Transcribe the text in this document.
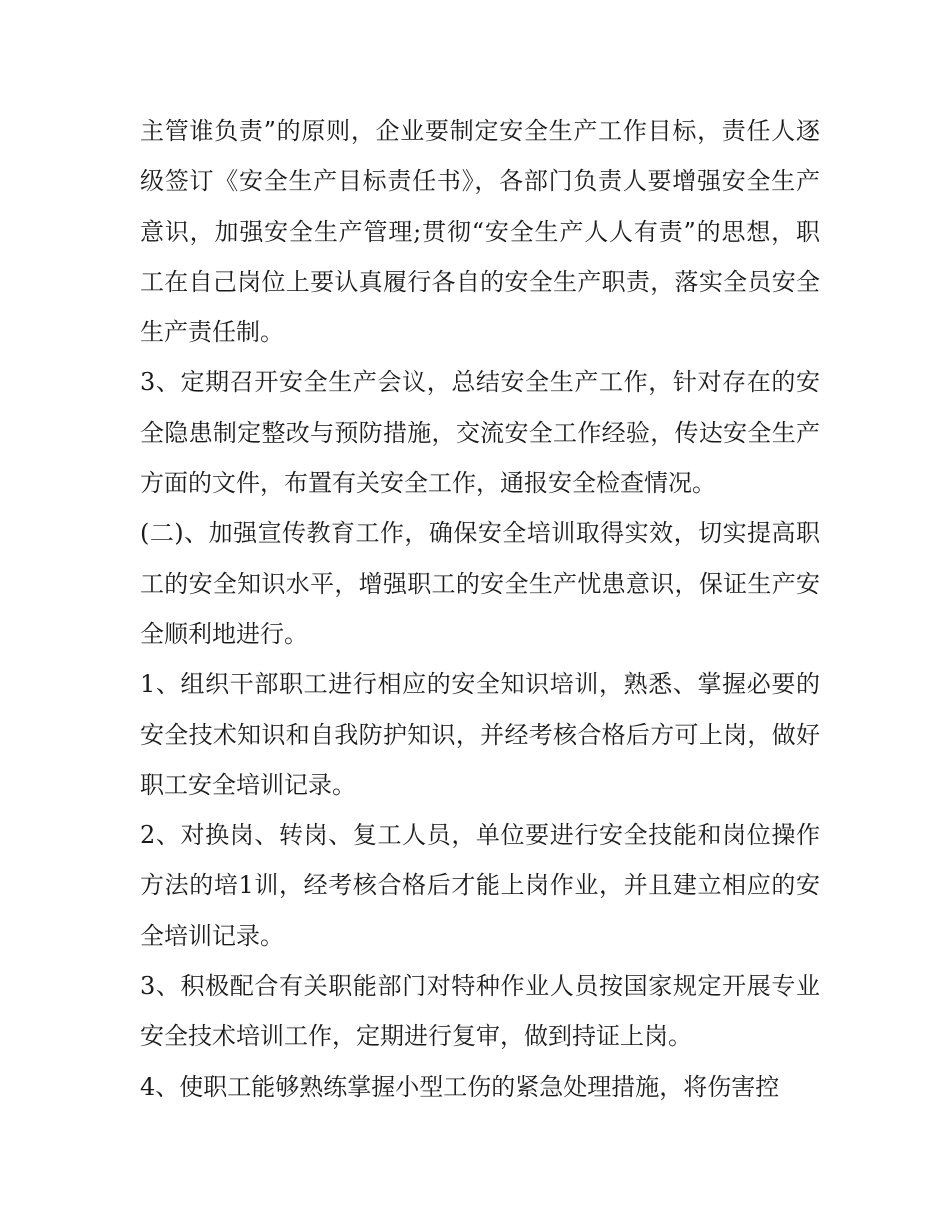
主管谁负责”的原则，企业要制定安全生产工作目标，责任人逐级签订《安全生产目标责任书》，各部门负责人要增强安全生产意识，加强安全生产管理;贯彻“安全生产人人有责”的思想，职工在自己岗位上要认真履行各自的安全生产职责，落实全员安全生产责任制。

3、定期召开安全生产会议，总结安全生产工作，针对存在的安全隐患制定整改与预防措施，交流安全工作经验，传达安全生产方面的文件，布置有关安全工作，通报安全检查情况。

(二)、加强宣传教育工作，确保安全培训取得实效，切实提高职工的安全知识水平，增强职工的安全生产忧患意识，保证生产安全顺利地进行。

1、组织干部职工进行相应的安全知识培训，熟悉、掌握必要的安全技术知识和自我防护知识，并经考核合格后方可上岗，做好职工安全培训记录。

2、对换岗、转岗、复工人员，单位要进行安全技能和岗位操作方法的培1训，经考核合格后才能上岗作业，并且建立相应的安全培训记录。

3、积极配合有关职能部门对特种作业人员按国家规定开展专业安全技术培训工作，定期进行复审，做到持证上岗。

4、使职工能够熟练掌握小型工伤的紧急处理措施，将伤害控
